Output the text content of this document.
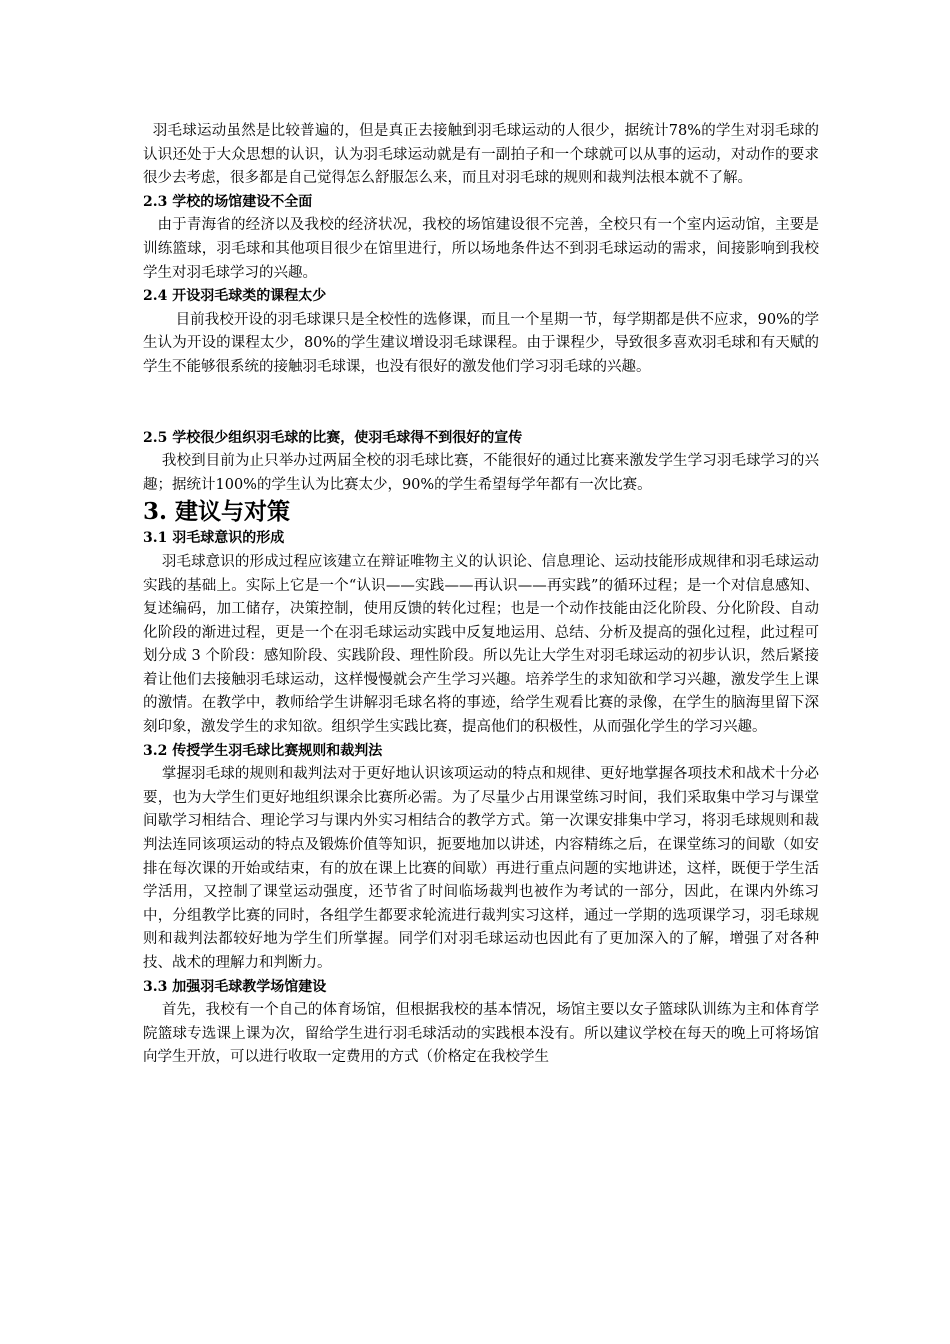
羽毛球运动虽然是比较普遍的，但是真正去接触到羽毛球运动的人很少，据统计78%的学生对羽毛球的认识还处于大众思想的认识，认为羽毛球运动就是有一副拍子和一个球就可以从事的运动，对动作的要求很少去考虑，很多都是自己觉得怎么舒服怎么来，而且对羽毛球的规则和裁判法根本就不了解。

2.3 学校的场馆建设不全面

由于青海省的经济以及我校的经济状况，我校的场馆建设很不完善，全校只有一个室内运动馆，主要是训练篮球，羽毛球和其他项目很少在馆里进行，所以场地条件达不到羽毛球运动的需求，间接影响到我校学生对羽毛球学习的兴趣。

2.4 开设羽毛球类的课程太少

目前我校开设的羽毛球课只是全校性的选修课，而且一个星期一节，每学期都是供不应求，90%的学生认为开设的课程太少，80%的学生建议增设羽毛球课程。由于课程少，导致很多喜欢羽毛球和有天赋的学生不能够很系统的接触羽毛球课，也没有很好的激发他们学习羽毛球的兴趣。

2.5 学校很少组织羽毛球的比赛，使羽毛球得不到很好的宣传

我校到目前为止只举办过两届全校的羽毛球比赛，不能很好的通过比赛来激发学生学习羽毛球学习的兴趣；据统计100%的学生认为比赛太少，90%的学生希望每学年都有一次比赛。

3. 建议与对策

3.1 羽毛球意识的形成

羽毛球意识的形成过程应该建立在辩证唯物主义的认识论、信息理论、运动技能形成规律和羽毛球运动实践的基础上。实际上它是一个“认识——实践——再认识——再实践”的循环过程；是一个对信息感知、复述编码，加工储存，决策控制，使用反馈的转化过程；也是一个动作技能由泛化阶段、分化阶段、自动化阶段的渐进过程，更是一个在羽毛球运动实践中反复地运用、总结、分析及提高的强化过程，此过程可划分成 3 个阶段：感知阶段、实践阶段、理性阶段。所以先让大学生对羽毛球运动的初步认识，然后紧接着让他们去接触羽毛球运动，这样慢慢就会产生学习兴趣。培养学生的求知欲和学习兴趣，激发学生上课的激情。在教学中，教师给学生讲解羽毛球名将的事迹，给学生观看比赛的录像，在学生的脑海里留下深刻印象，激发学生的求知欲。组织学生实践比赛，提高他们的积极性，从而强化学生的学习兴趣。

3.2 传授学生羽毛球比赛规则和裁判法

掌握羽毛球的规则和裁判法对于更好地认识该项运动的特点和规律、更好地掌握各项技术和战术十分必要，也为大学生们更好地组织课余比赛所必需。为了尽量少占用课堂练习时间，我们采取集中学习与课堂间歇学习相结合、理论学习与课内外实习相结合的教学方式。第一次课安排集中学习，将羽毛球规则和裁判法连同该项运动的特点及锻炼价值等知识，扼要地加以讲述，内容精练之后，在课堂练习的间歇（如安排在每次课的开始或结束，有的放在课上比赛的间歇）再进行重点问题的实地讲述，这样，既便于学生活学活用，又控制了课堂运动强度，还节省了时间临场裁判也被作为考试的一部分，因此，在课内外练习中，分组教学比赛的同时，各组学生都要求轮流进行裁判实习这样，通过一学期的选项课学习，羽毛球规则和裁判法都较好地为学生们所掌握。同学们对羽毛球运动也因此有了更加深入的了解，增强了对各种技、战术的理解力和判断力。

3.3 加强羽毛球教学场馆建设

首先，我校有一个自己的体育场馆，但根据我校的基本情况，场馆主要以女子篮球队训练为主和体育学院篮球专选课上课为次，留给学生进行羽毛球活动的实践根本没有。所以建议学校在每天的晚上可将场馆向学生开放，可以进行收取一定费用的方式（价格定在我校学生
